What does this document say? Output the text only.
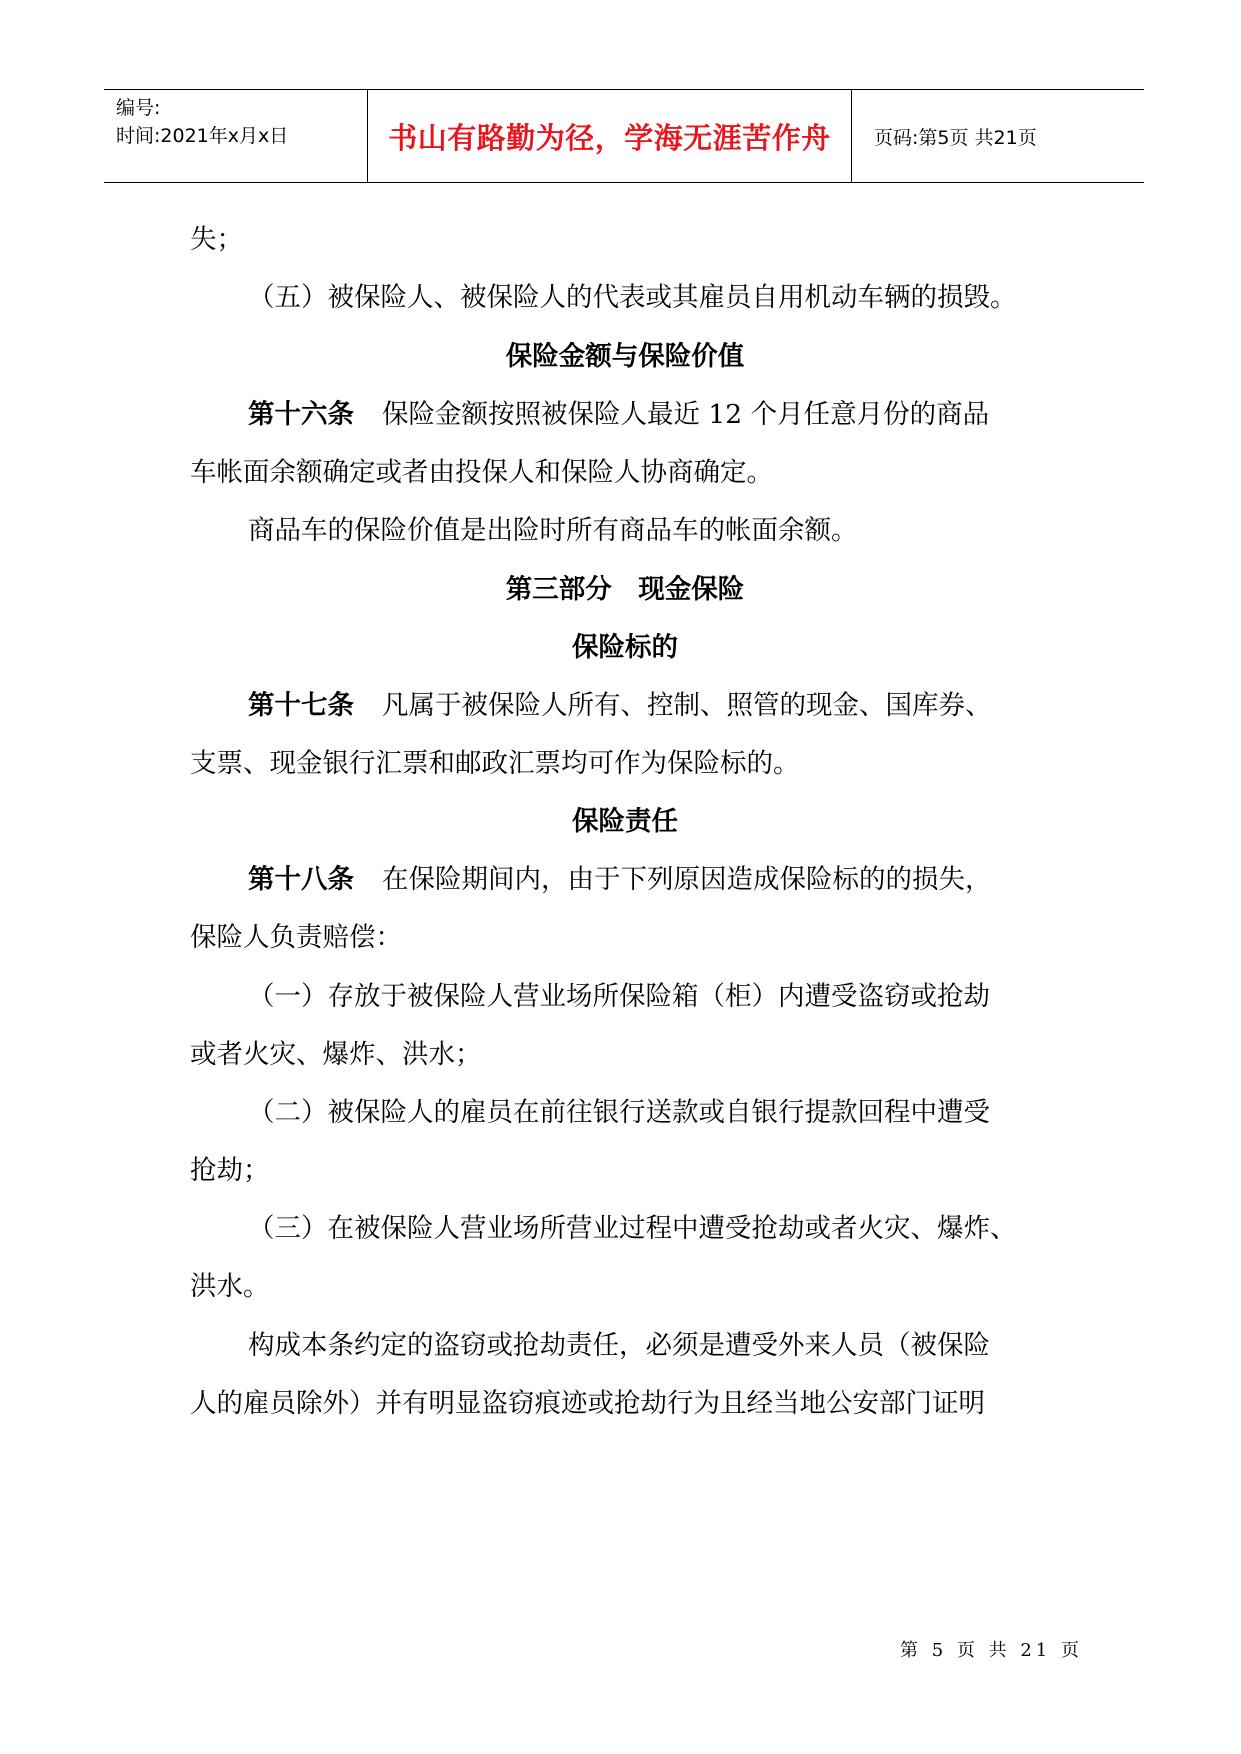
编号:
时间:2021年x月x日	书山有路勤为径，学海无涯苦作舟	页码:第5页 共21页
失；
（五）被保险人、被保险人的代表或其雇员自用机动车辆的损毁。
保险金额与保险价值
第十六条 保险金额按照被保险人最近 12 个月任意月份的商品
车帐面余额确定或者由投保人和保险人协商确定。
商品车的保险价值是出险时所有商品车的帐面余额。
第三部分　现金保险
保险标的
第十七条 凡属于被保险人所有、控制、照管的现金、国库券、
支票、现金银行汇票和邮政汇票均可作为保险标的。
保险责任
第十八条 在保险期间内，由于下列原因造成保险标的的损失，
保险人负责赔偿：
（一）存放于被保险人营业场所保险箱（柜）内遭受盗窃或抢劫
或者火灾、爆炸、洪水；
（二）被保险人的雇员在前往银行送款或自银行提款回程中遭受
抢劫；
（三）在被保险人营业场所营业过程中遭受抢劫或者火灾、爆炸、
洪水。
构成本条约定的盗窃或抢劫责任，必须是遭受外来人员（被保险
人的雇员除外）并有明显盗窃痕迹或抢劫行为且经当地公安部门证明
第 5 页 共 21 页
